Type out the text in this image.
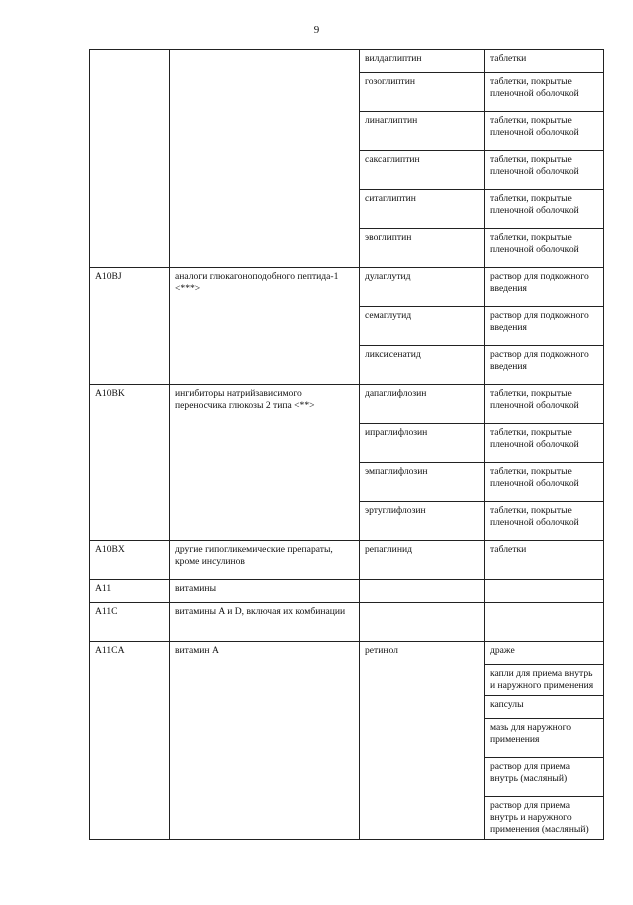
9
		вилдаглиптин	таблетки
		гозоглиптин	таблетки, покрытые пленочной оболочкой
		линаглиптин	таблетки, покрытые пленочной оболочкой
		саксаглиптин	таблетки, покрытые пленочной оболочкой
		ситаглиптин	таблетки, покрытые пленочной оболочкой
		эвоглиптин	таблетки, покрытые пленочной оболочкой
A10BJ	аналоги глюкагоноподобного пептида-1 <***>	дулаглутид	раствор для подкожного введения
		семаглутид	раствор для подкожного введения
		ликсисенатид	раствор для подкожного введения
A10BK	ингибиторы натрийзависимого переносчика глюкозы 2 типа <**>	дапаглифлозин	таблетки, покрытые пленочной оболочкой
		ипраглифлозин	таблетки, покрытые пленочной оболочкой
		эмпаглифлозин	таблетки, покрытые пленочной оболочкой
		эртуглифлозин	таблетки, покрытые пленочной оболочкой
A10BX	другие гипогликемические препараты, кроме инсулинов	репаглинид	таблетки
A11	витамины		
A11C	витамины A и D, включая их комбинации		
A11CA	витамин A	ретинол	драже
			капли для приема внутрь и наружного применения
			капсулы
			мазь для наружного применения
			раствор для приема внутрь (масляный)
			раствор для приема внутрь и наружного применения (масляный)
